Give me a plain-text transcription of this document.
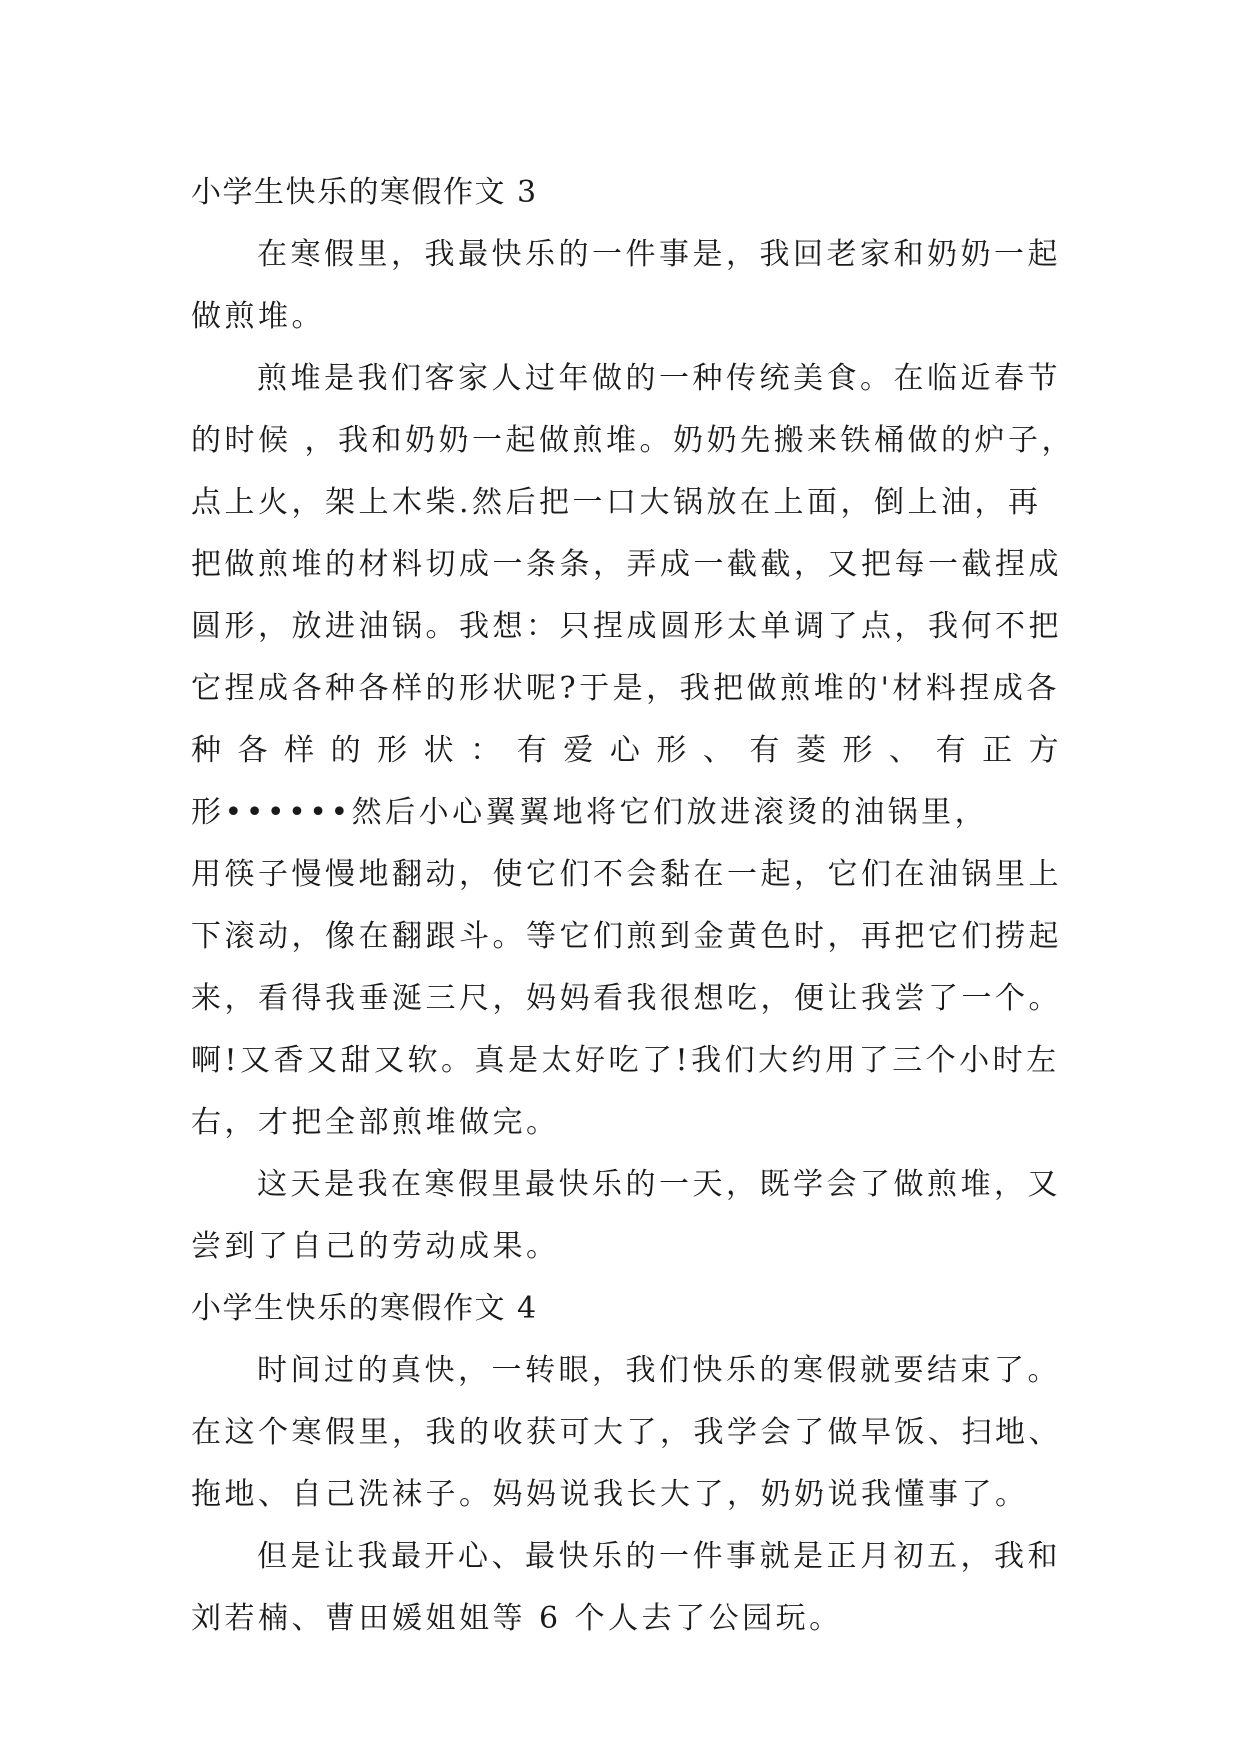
小学生快乐的寒假作文 3
在寒假里，我最快乐的一件事是，我回老家和奶奶一起
做煎堆。
煎堆是我们客家人过年做的一种传统美食。在临近春节
的时候 ，我和奶奶一起做煎堆。奶奶先搬来铁桶做的炉子，
点上火，架上木柴.然后把一口大锅放在上面，倒上油，再
把做煎堆的材料切成一条条，弄成一截截，又把每一截捏成
圆形，放进油锅。我想：只捏成圆形太单调了点，我何不把
它捏成各种各样的形状呢?于是，我把做煎堆的'材料捏成各
种 各 样 的 形 状 ： 有 爱 心 形 、 有 菱 形 、 有 正 方
形••••••然后小心翼翼地将它们放进滚烫的油锅里，
用筷子慢慢地翻动，使它们不会黏在一起，它们在油锅里上
下滚动，像在翻跟斗。等它们煎到金黄色时，再把它们捞起
来，看得我垂涎三尺，妈妈看我很想吃，便让我尝了一个。
啊!又香又甜又软。真是太好吃了!我们大约用了三个小时左
右，才把全部煎堆做完。
这天是我在寒假里最快乐的一天，既学会了做煎堆，又
尝到了自己的劳动成果。
小学生快乐的寒假作文 4
时间过的真快，一转眼，我们快乐的寒假就要结束了。
在这个寒假里，我的收获可大了，我学会了做早饭、扫地、
拖地、自己洗袜子。妈妈说我长大了，奶奶说我懂事了。
但是让我最开心、最快乐的一件事就是正月初五，我和
刘若楠、曹田媛姐姐等 6 个人去了公园玩。
